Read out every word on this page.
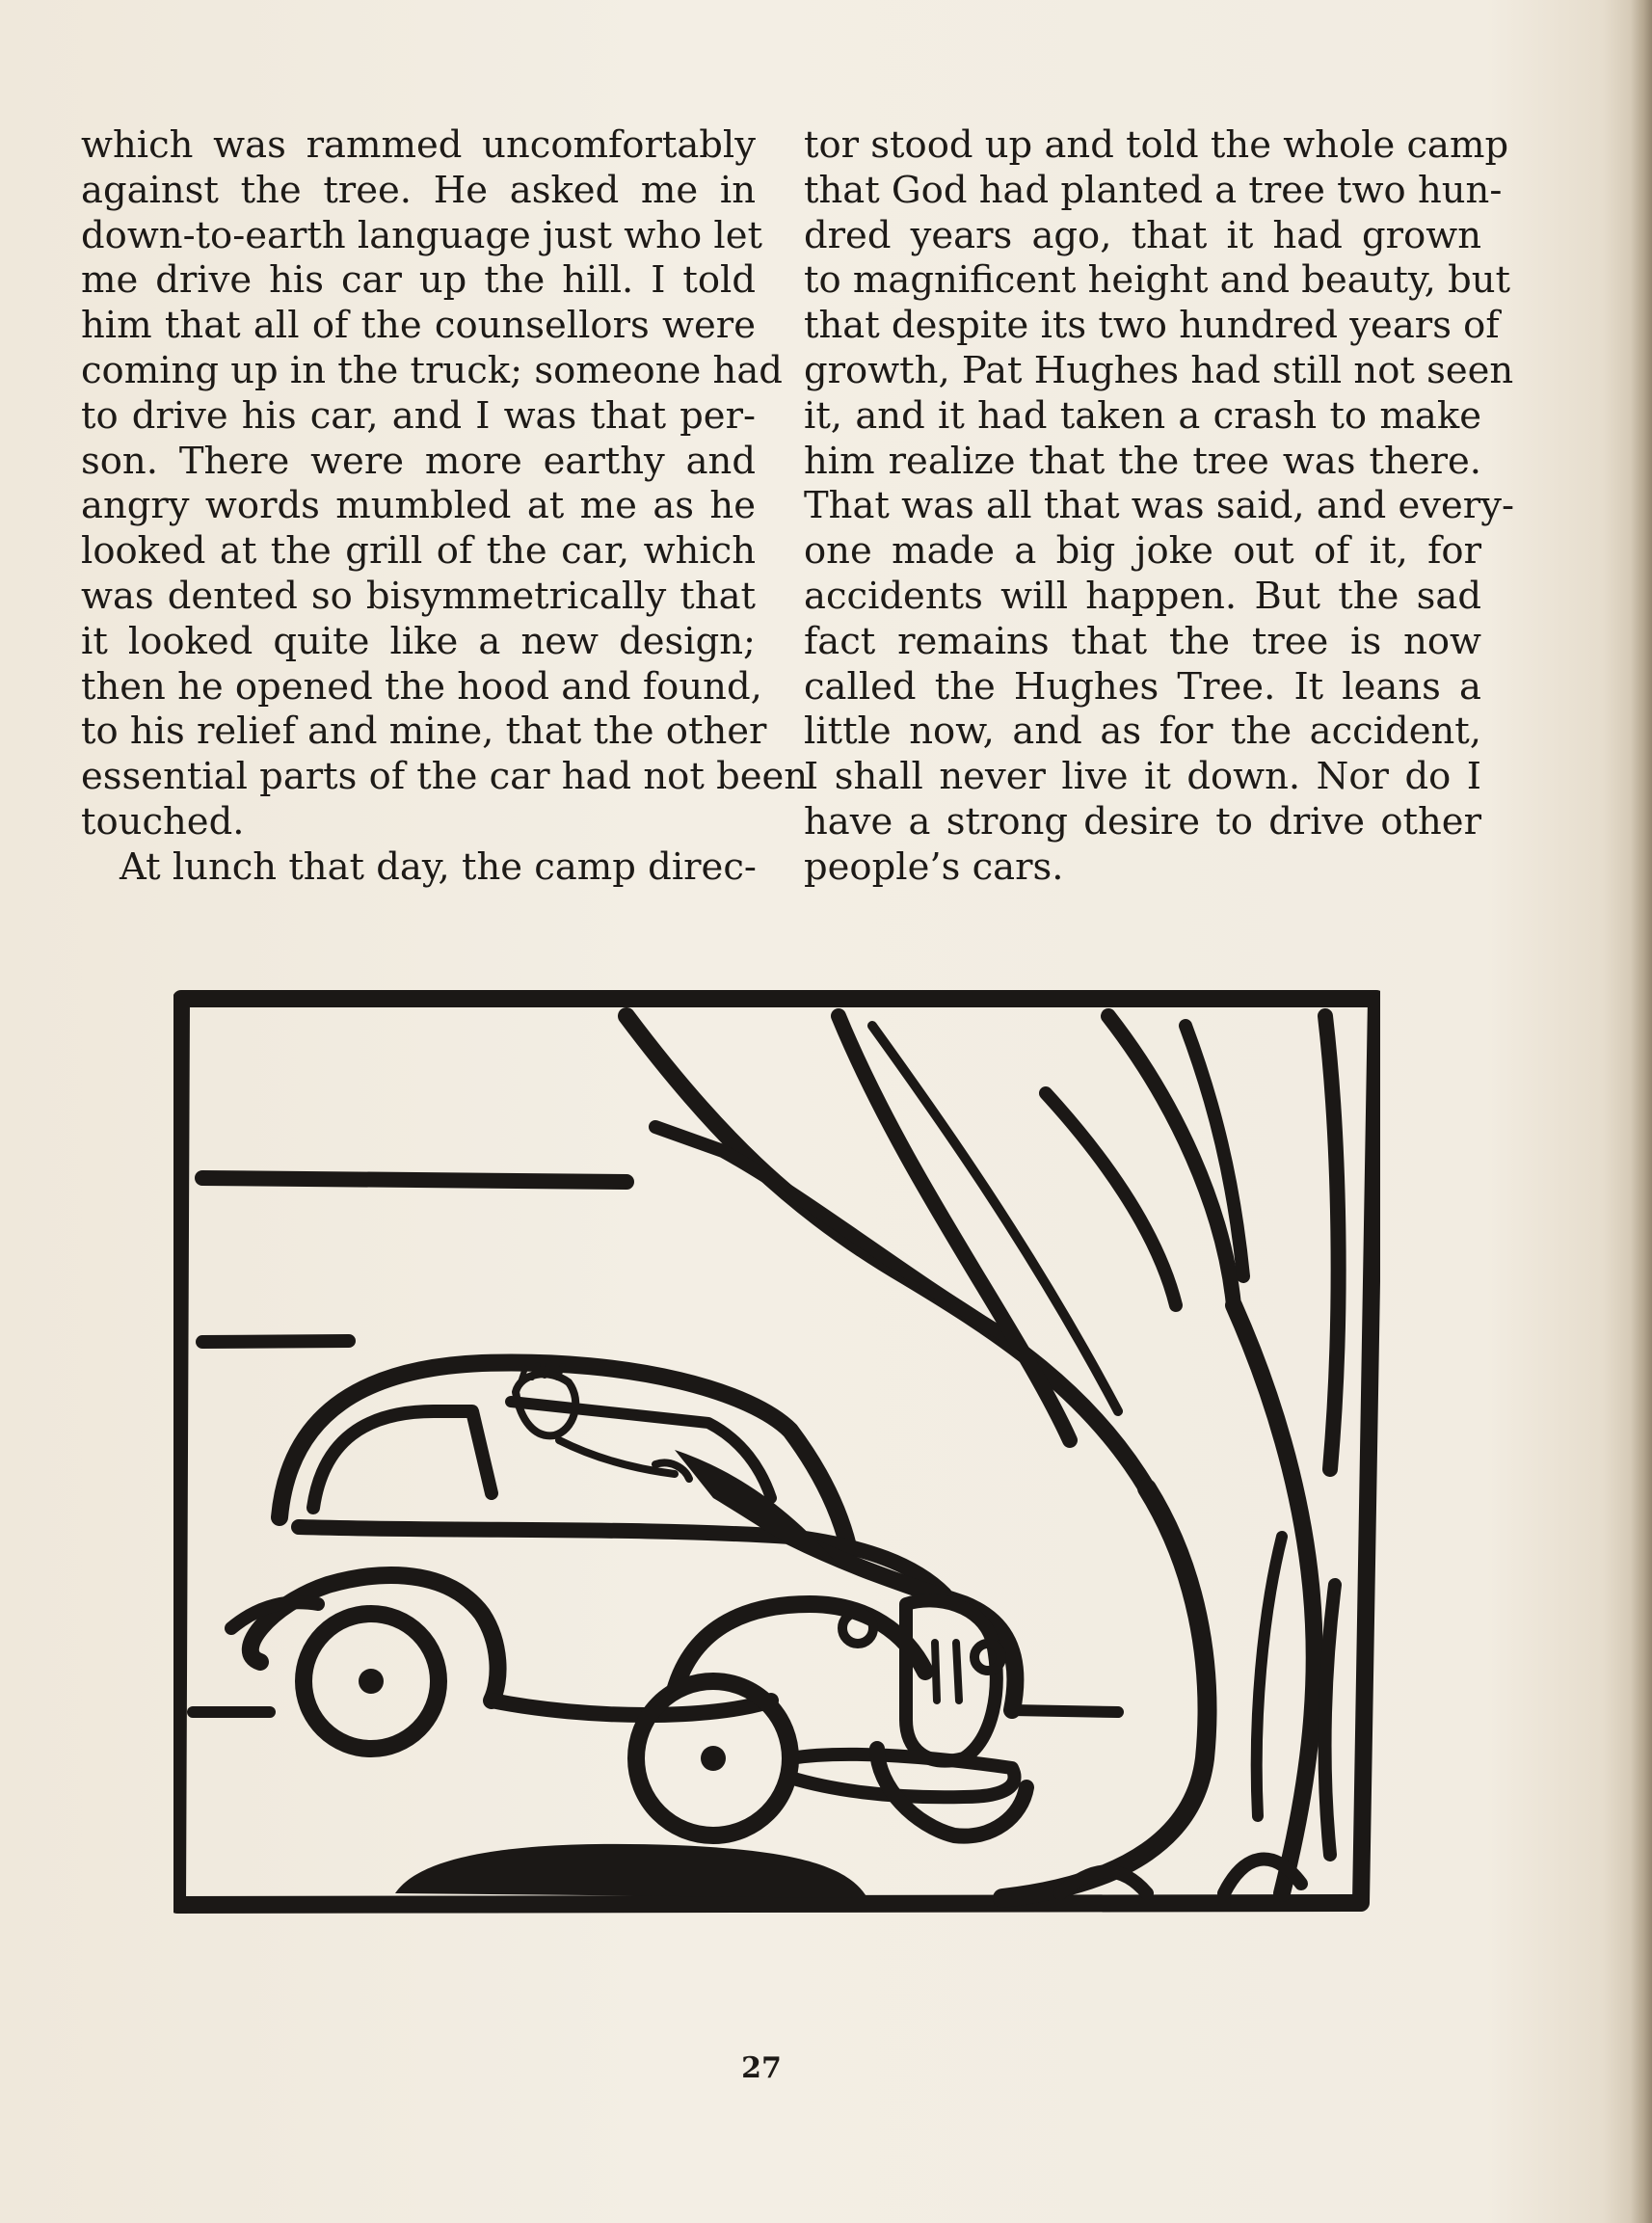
which was rammed uncomfortably
against the tree. He asked me in
down-to-earth language just who let
me drive his car up the hill. I told
him that all of the counsellors were
coming up in the truck; someone had
to drive his car, and I was that per-
son. There were more earthy and
angry words mumbled at me as he
looked at the grill of the car, which
was dented so bisymmetrically that
it looked quite like a new design;
then he opened the hood and found,
to his relief and mine, that the other
essential parts of the car had not been
touched.
At lunch that day, the camp direc-
tor stood up and told the whole camp
that God had planted a tree two hun-
dred years ago, that it had grown
to magnificent height and beauty, but
that despite its two hundred years of
growth, Pat Hughes had still not seen
it, and it had taken a crash to make
him realize that the tree was there.
That was all that was said, and every-
one made a big joke out of it, for
accidents will happen. But the sad
fact remains that the tree is now
called the Hughes Tree. It leans a
little now, and as for the accident,
I shall never live it down. Nor do I
have a strong desire to drive other
people’s cars.
27
